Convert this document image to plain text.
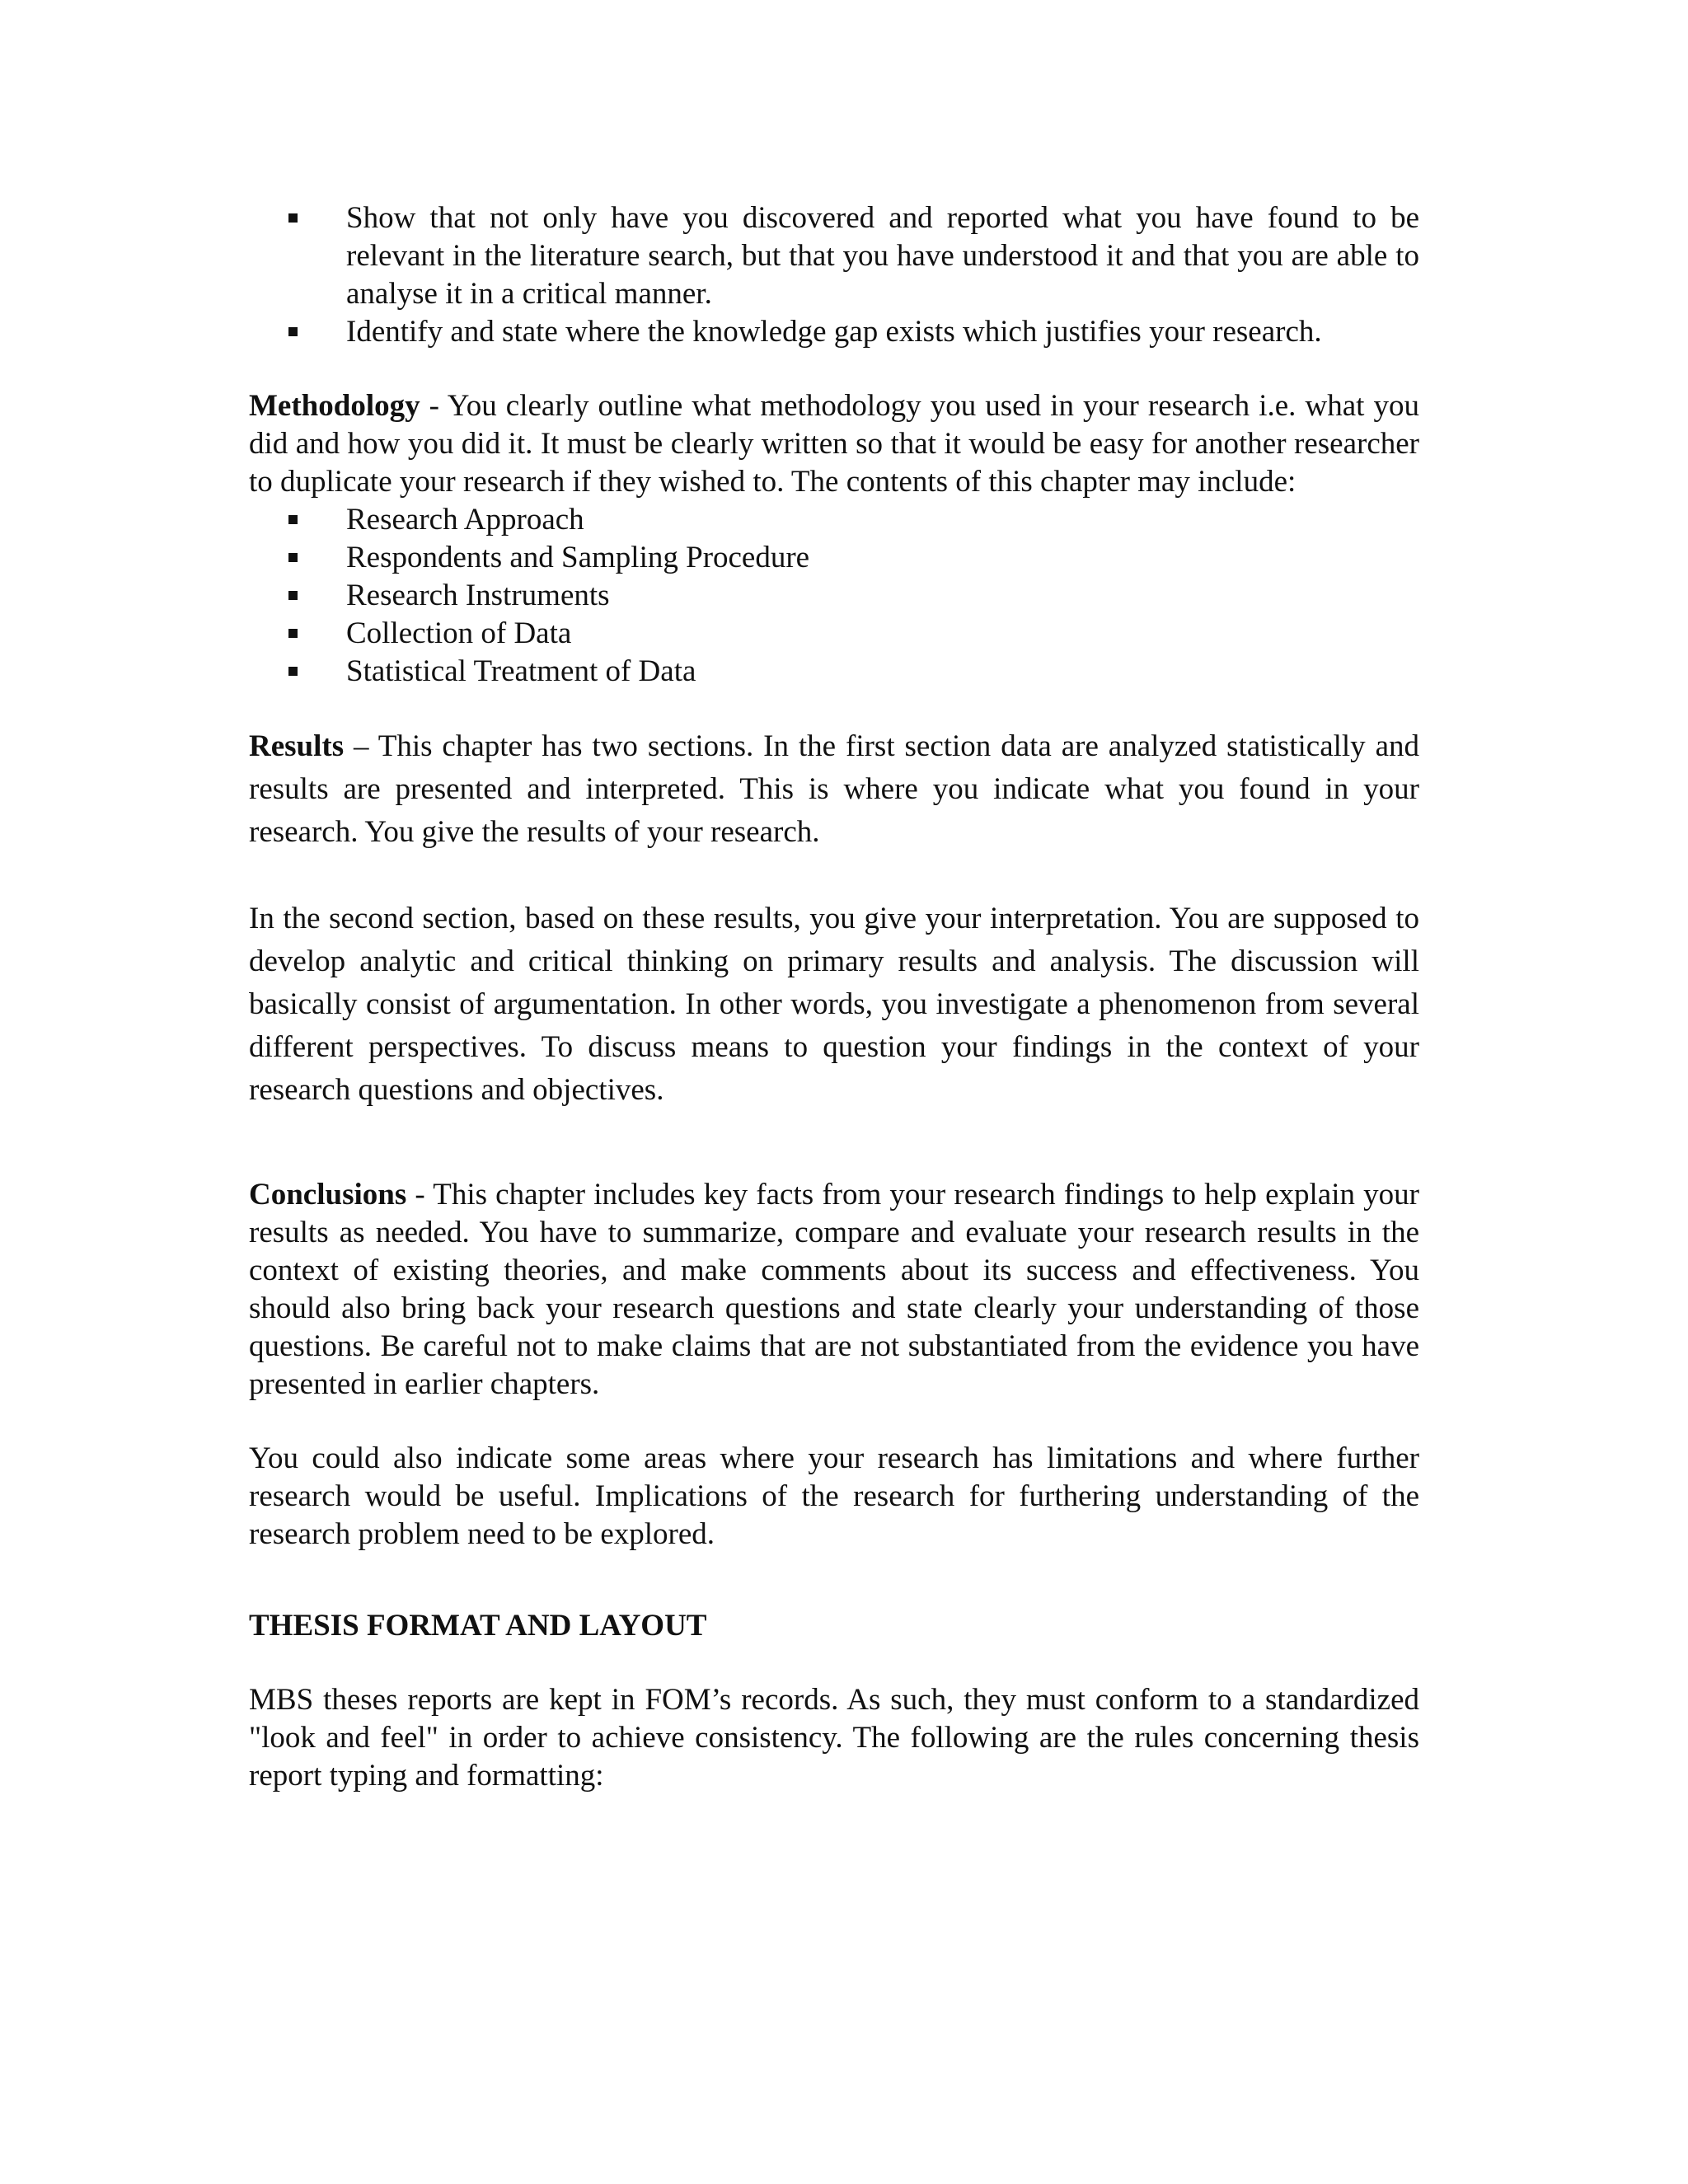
Show that not only have you discovered and reported what you have found to be relevant in the literature search, but that you have understood it and that you are able to analyse it in a critical manner.
Identify and state where the knowledge gap exists which justifies your research.

Methodology - You clearly outline what methodology you used in your research i.e. what you did and how you did it. It must be clearly written so that it would be easy for another researcher to duplicate your research if they wished to. The contents of this chapter may include:

Research Approach
Respondents and Sampling Procedure
Research Instruments
Collection of Data
Statistical Treatment of Data

Results – This chapter has two sections. In the first section data are analyzed statistically and results are presented and interpreted. This is where you indicate what you found in your research. You give the results of your research.

In the second section, based on these results, you give your interpretation. You are supposed to develop analytic and critical thinking on primary results and analysis. The discussion will basically consist of argumentation. In other words, you investigate a phenomenon from several different perspectives. To discuss means to question your findings in the context of your research questions and objectives.

Conclusions - This chapter includes key facts from your research findings to help explain your results as needed. You have to summarize, compare and evaluate your research results in the context of existing theories, and make comments about its success and effectiveness. You should also bring back your research questions and state clearly your understanding of those questions. Be careful not to make claims that are not substantiated from the evidence you have presented in earlier chapters.

You could also indicate some areas where your research has limitations and where further research would be useful. Implications of the research for furthering understanding of the research problem need to be explored.

THESIS FORMAT AND LAYOUT

MBS theses reports are kept in FOM’s records. As such, they must conform to a standardized "look and feel" in order to achieve consistency. The following are the rules concerning thesis report typing and formatting:
